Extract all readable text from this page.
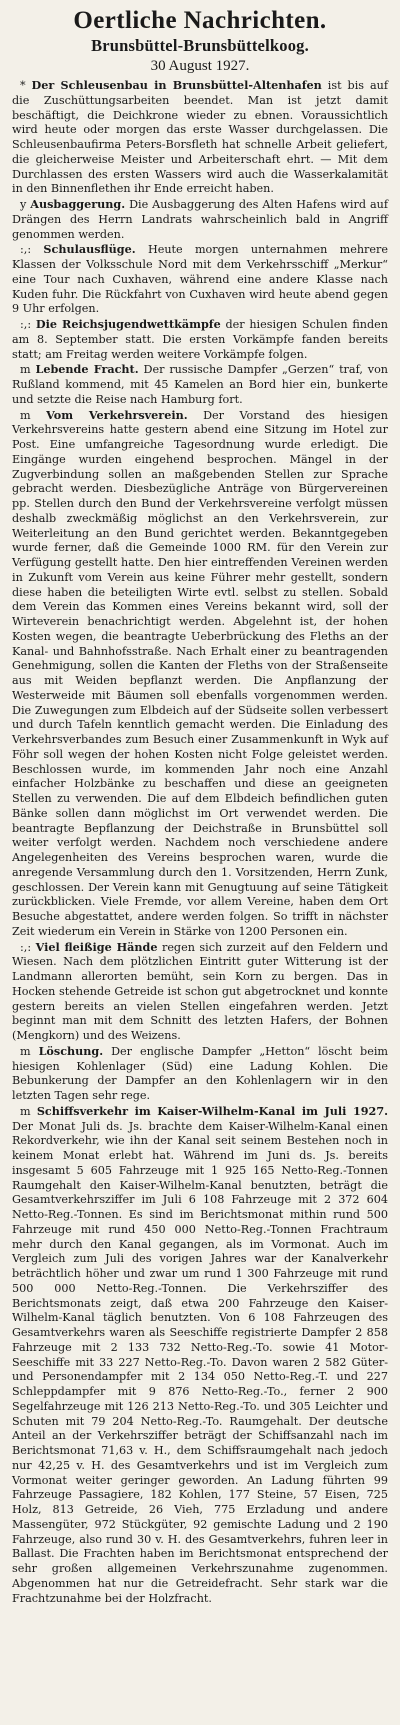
Oertliche Nachrichten.
Brunsbüttel-Brunsbüttelkoog.
30 August 1927.

* Der Schleusenbau in Brunsbüttel-Altenhafen ist bis auf die Zuschüttungsarbeiten beendet. Man ist jetzt damit beschäftigt, die Deichkrone wieder zu ebnen. Voraussichtlich wird heute oder morgen das erste Wasser durchgelassen. Die Schleusenbaufirma Peters-Borsfleth hat schnelle Arbeit geliefert, die gleicherweise Meister und Arbeiterschaft ehrt. — Mit dem Durchlassen des ersten Wassers wird auch die Wasserkalamität in den Binnenflethen ihr Ende erreicht haben.

y Ausbaggerung. Die Ausbaggerung des Alten Hafens wird auf Drängen des Herrn Landrats wahrscheinlich bald in Angriff genommen werden.

:,: Schulausflüge. Heute morgen unternahmen mehrere Klassen der Volksschule Nord mit dem Verkehrsschiff „Merkur“ eine Tour nach Cuxhaven, während eine andere Klasse nach Kuden fuhr. Die Rückfahrt von Cuxhaven wird heute abend gegen 9 Uhr erfolgen.

:,: Die Reichsjugendwettkämpfe der hiesigen Schulen finden am 8. September statt. Die ersten Vorkämpfe fanden bereits statt; am Freitag werden weitere Vorkämpfe folgen.

m Lebende Fracht. Der russische Dampfer „Gerzen“ traf, von Rußland kommend, mit 45 Kamelen an Bord hier ein, bunkerte und setzte die Reise nach Hamburg fort.

m Vom Verkehrsverein. Der Vorstand des hiesigen Verkehrsvereins hatte gestern abend eine Sitzung im Hotel zur Post. Eine umfangreiche Tagesordnung wurde erledigt. Die Eingänge wurden eingehend besprochen. Mängel in der Zugverbindung sollen an maßgebenden Stellen zur Sprache gebracht werden. Diesbezügliche Anträge von Bürgervereinen pp. Stellen durch den Bund der Verkehrsvereine verfolgt müssen deshalb zweckmäßig möglichst an den Verkehrsverein, zur Weiterleitung an den Bund gerichtet werden. Bekanntgegeben wurde ferner, daß die Gemeinde 1000 RM. für den Verein zur Verfügung gestellt hatte. Den hier eintreffenden Vereinen werden in Zukunft vom Verein aus keine Führer mehr gestellt, sondern diese haben die beteiligten Wirte evtl. selbst zu stellen. Sobald dem Verein das Kommen eines Vereins bekannt wird, soll der Wirteverein benachrichtigt werden. Abgelehnt ist, der hohen Kosten wegen, die beantragte Ueberbrückung des Fleths an der Kanal- und Bahnhofsstraße. Nach Erhalt einer zu beantragenden Genehmigung, sollen die Kanten der Fleths von der Straßenseite aus mit Weiden bepflanzt werden. Die Anpflanzung der Westerweide mit Bäumen soll ebenfalls vorgenommen werden. Die Zuwegungen zum Elbdeich auf der Südseite sollen verbessert und durch Tafeln kenntlich gemacht werden. Die Einladung des Verkehrsverbandes zum Besuch einer Zusammenkunft in Wyk auf Föhr soll wegen der hohen Kosten nicht Folge geleistet werden. Beschlossen wurde, im kommenden Jahr noch eine Anzahl einfacher Holzbänke zu beschaffen und diese an geeigneten Stellen zu verwenden. Die auf dem Elbdeich befindlichen guten Bänke sollen dann möglichst im Ort verwendet werden. Die beantragte Bepflanzung der Deichstraße in Brunsbüttel soll weiter verfolgt werden. Nachdem noch verschiedene andere Angelegenheiten des Vereins besprochen waren, wurde die anregende Versammlung durch den 1. Vorsitzenden, Herrn Zunk, geschlossen. Der Verein kann mit Genugtuung auf seine Tätigkeit zurückblicken. Viele Fremde, vor allem Vereine, haben dem Ort Besuche abgestattet, andere werden folgen. So trifft in nächster Zeit wiederum ein Verein in Stärke von 1200 Personen ein.

:,: Viel fleißige Hände regen sich zurzeit auf den Feldern und Wiesen. Nach dem plötzlichen Eintritt guter Witterung ist der Landmann allerorten bemüht, sein Korn zu bergen. Das in Hocken stehende Getreide ist schon gut abgetrocknet und konnte gestern bereits an vielen Stellen eingefahren werden. Jetzt beginnt man mit dem Schnitt des letzten Hafers, der Bohnen (Mengkorn) und des Weizens.

m Löschung. Der englische Dampfer „Hetton“ löscht beim hiesigen Kohlenlager (Süd) eine Ladung Kohlen. Die Bebunkerung der Dampfer an den Kohlenlagern wir in den letzten Tagen sehr rege.

m Schiffsverkehr im Kaiser-Wilhelm-Kanal im Juli 1927. Der Monat Juli ds. Js. brachte dem Kaiser-Wilhelm-Kanal einen Rekordverkehr, wie ihn der Kanal seit seinem Bestehen noch in keinem Monat erlebt hat. Während im Juni ds. Js. bereits insgesamt 5 605 Fahrzeuge mit 1 925 165 Netto-Reg.-Tonnen Raumgehalt den Kaiser-Wilhelm-Kanal benutzten, beträgt die Gesamtverkehrsziffer im Juli 6 108 Fahrzeuge mit 2 372 604 Netto-Reg.-Tonnen. Es sind im Berichtsmonat mithin rund 500 Fahrzeuge mit rund 450 000 Netto-Reg.-Tonnen Frachtraum mehr durch den Kanal gegangen, als im Vormonat. Auch im Vergleich zum Juli des vorigen Jahres war der Kanalverkehr beträchtlich höher und zwar um rund 1 300 Fahrzeuge mit rund 500 000 Netto-Reg.-Tonnen. Die Verkehrsziffer des Berichtsmonats zeigt, daß etwa 200 Fahrzeuge den Kaiser-Wilhelm-Kanal täglich benutzten. Von 6 108 Fahrzeugen des Gesamtverkehrs waren als Seeschiffe registrierte Dampfer 2 858 Fahrzeuge mit 2 133 732 Netto-Reg.-To. sowie 41 Motor-Seeschiffe mit 33 227 Netto-Reg.-To. Davon waren 2 582 Güter- und Personendampfer mit 2 134 050 Netto-Reg.-T. und 227 Schleppdampfer mit 9 876 Netto-Reg.-To., ferner 2 900 Segelfahrzeuge mit 126 213 Netto-Reg.-To. und 305 Leichter und Schuten mit 79 204 Netto-Reg.-To. Raumgehalt. Der deutsche Anteil an der Verkehrsziffer beträgt der Schiffsanzahl nach im Berichtsmonat 71,63 v. H., dem Schiffsraumgehalt nach jedoch nur 42,25 v. H. des Gesamtverkehrs und ist im Vergleich zum Vormonat weiter geringer geworden. An Ladung führten 99 Fahrzeuge Passagiere, 182 Kohlen, 177 Steine, 57 Eisen, 725 Holz, 813 Getreide, 26 Vieh, 775 Erzladung und andere Massengüter, 972 Stückgüter, 92 gemischte Ladung und 2 190 Fahrzeuge, also rund 30 v. H. des Gesamtverkehrs, fuhren leer in Ballast. Die Frachten haben im Berichtsmonat entsprechend der sehr großen allgemeinen Verkehrszunahme zugenommen. Abgenommen hat nur die Getreidefracht. Sehr stark war die Frachtzunahme bei der Holzfracht.
